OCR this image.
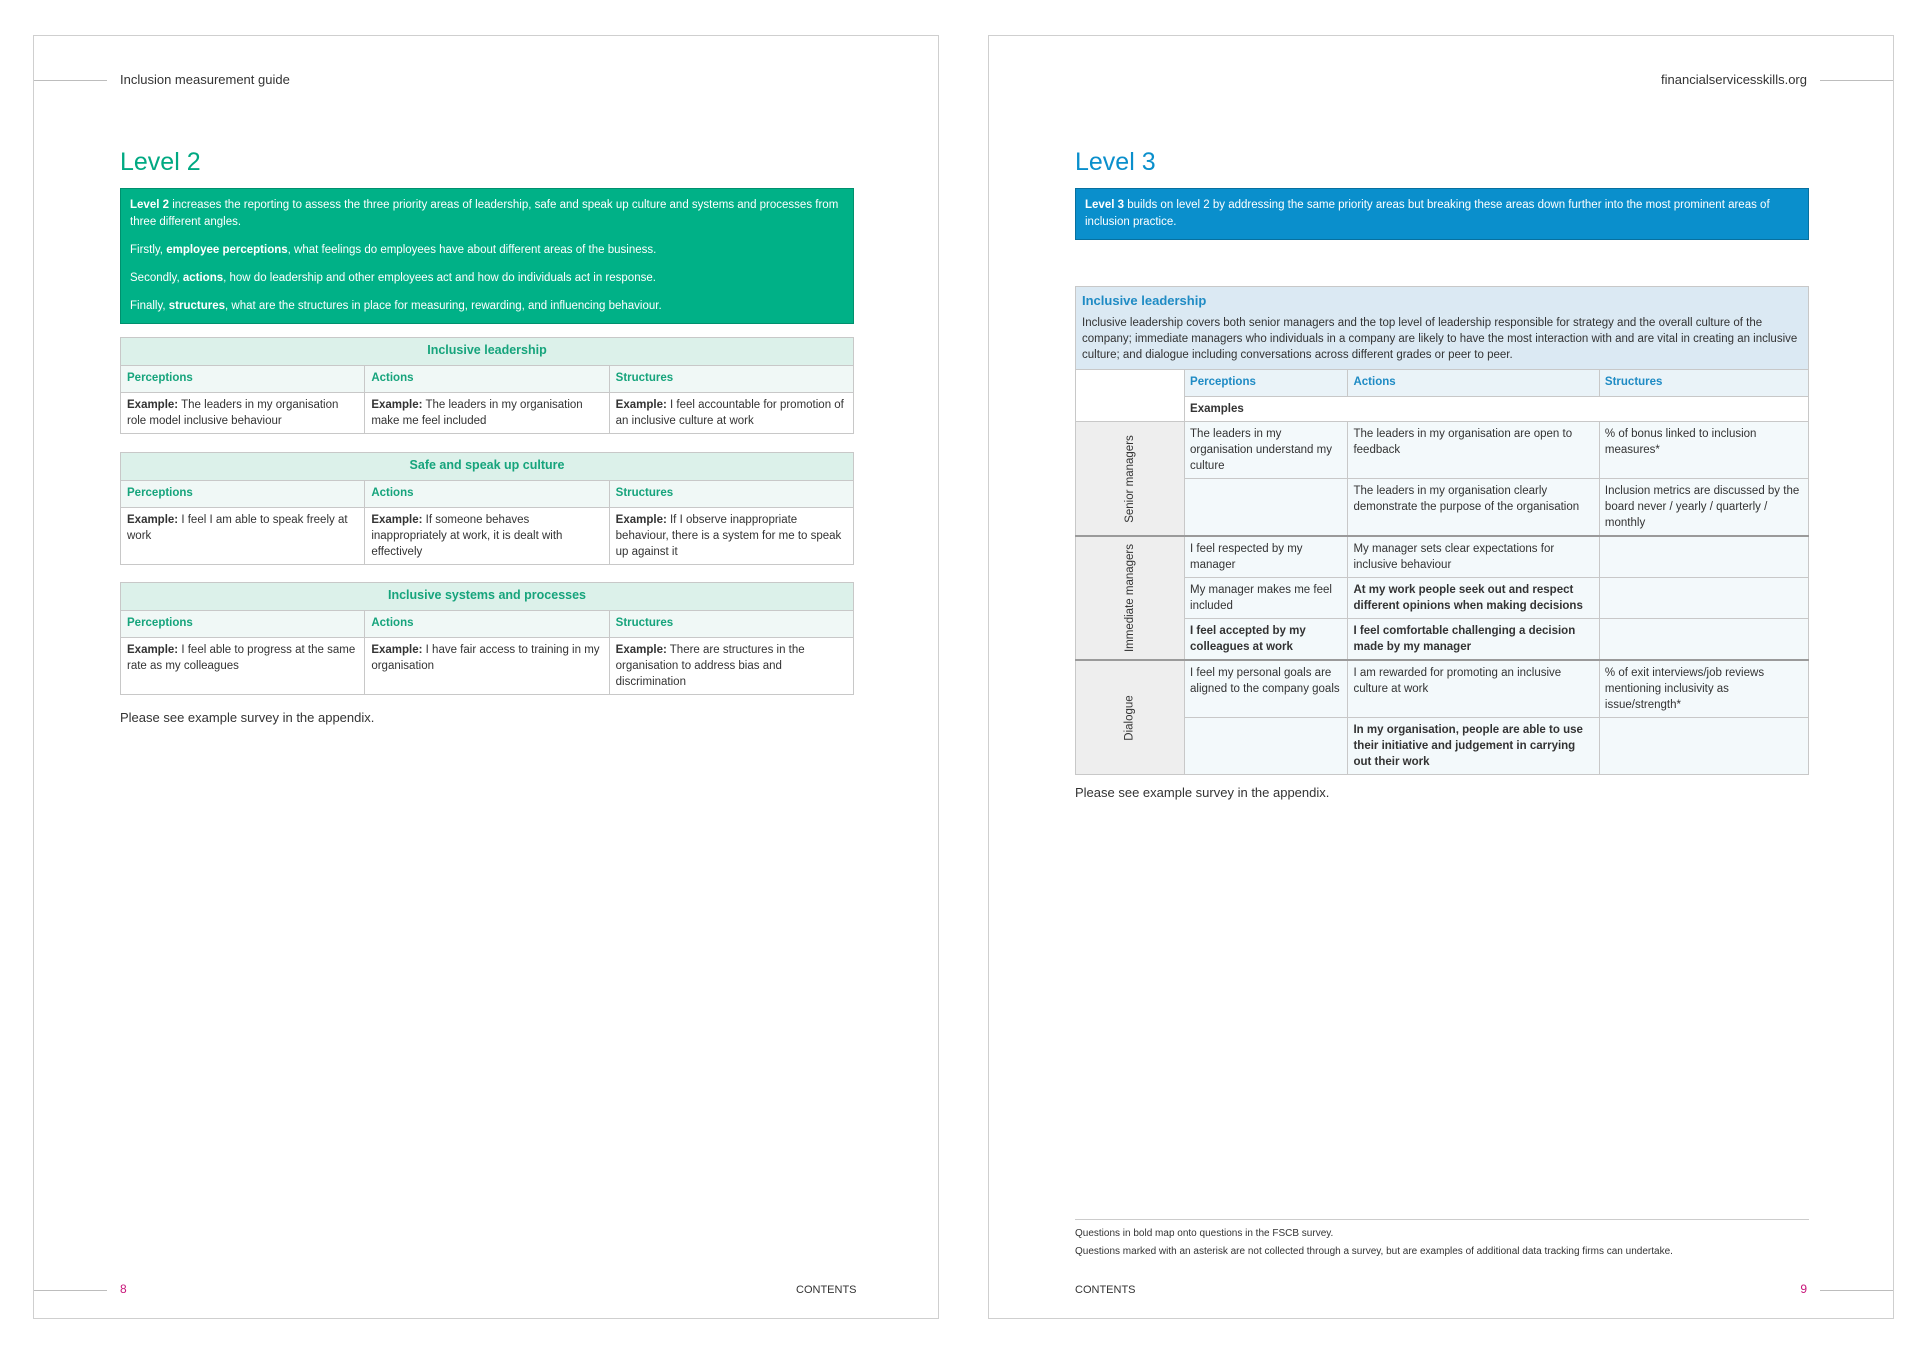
Inclusion measurement guide
Level 2

Level 2 increases the reporting to assess the three priority areas of leadership, safe and speak up culture and systems and processes from three different angles.

Firstly, employee perceptions, what feelings do employees have about different areas of the business.

Secondly, actions, how do leadership and other employees act and how do individuals act in response.

Finally, structures, what are the structures in place for measuring, rewarding, and influencing behaviour.

Inclusive leadership		
Perceptions	Actions	Structures
Example: The leaders in my organisation role model inclusive behaviour	Example: The leaders in my organisation make me feel included	Example: I feel accountable for promotion of an inclusive culture at work
Safe and speak up culture		
Perceptions	Actions	Structures
Example: I feel I am able to speak freely at work	Example: If someone behaves inappropriately at work, it is dealt with effectively	Example: If I observe inappropriate behaviour, there is a system for me to speak up against it
Inclusive systems and processes		
Perceptions	Actions	Structures
Example: I feel able to progress at the same rate as my colleagues	Example: I have fair access to training in my organisation	Example: There are structures in the organisation to address bias and discrimination
Please see example survey in the appendix.
8	CONTENTS
financialservicesskills.org
Level 3

Level 3 builds on level 2 by addressing the same priority areas but breaking these areas down further into the most prominent areas of inclusion practice.

Inclusive leadership
Inclusive leadership covers both senior managers and the top level of leadership responsible for strategy and the overall culture of the company; immediate managers who individuals in a company are likely to have the most interaction with and are vital in creating an inclusive culture; and dialogue including conversations across different grades or peer to peer.			
	Perceptions	Actions	Structures
	Examples		
Senior managers	The leaders in my organisation understand my culture	The leaders in my organisation are open to feedback	% of bonus linked to inclusion measures*
		The leaders in my organisation clearly demonstrate the purpose of the organisation	Inclusion metrics are discussed by the board never / yearly / quarterly / monthly
Immediate managers	I feel respected by my manager	My manager sets clear expectations for inclusive behaviour	
	My manager makes me feel included	At my work people seek out and respect different opinions when making decisions	
	I feel accepted by my colleagues at work	I feel comfortable challenging a decision made by my manager	
Dialogue	I feel my personal goals are aligned to the company goals	I am rewarded for promoting an inclusive culture at work	% of exit interviews/job reviews mentioning inclusivity as issue/strength*
		In my organisation, people are able to use their initiative and judgement in carrying out their work	
Please see example survey in the appendix.
Questions in bold map onto questions in the FSCB survey.
Questions marked with an asterisk are not collected through a survey, but are examples of additional data tracking firms can undertake.
CONTENTS	9
